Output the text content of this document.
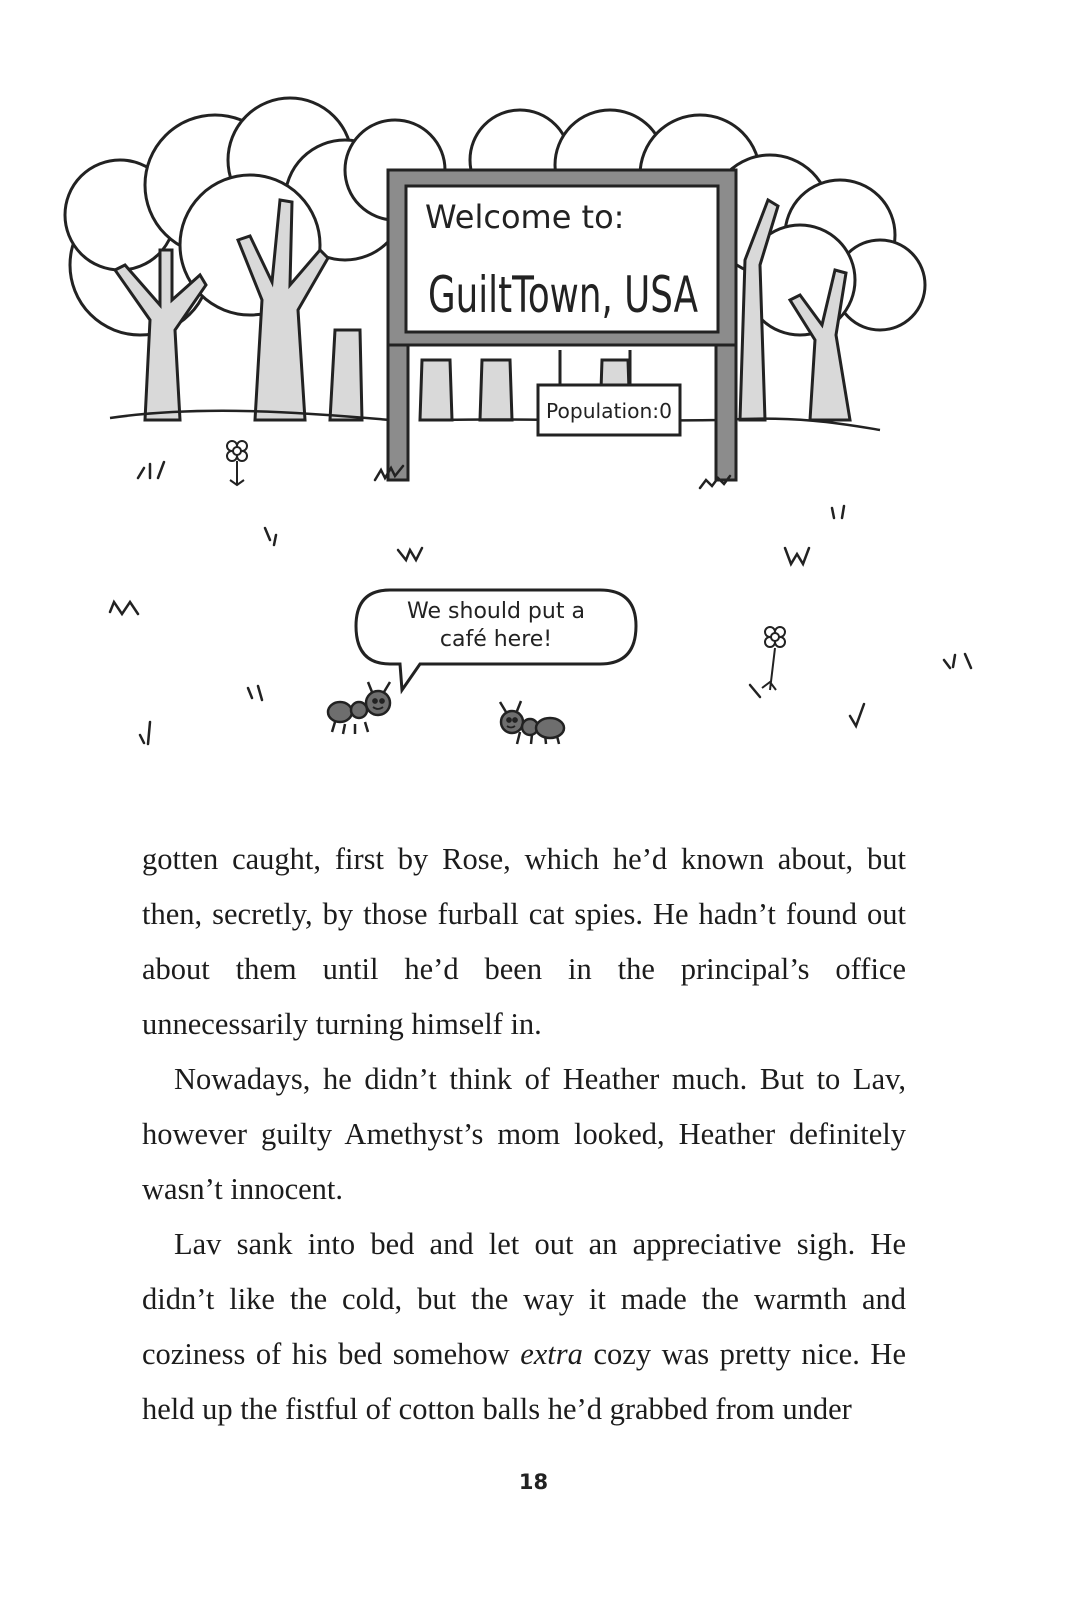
Welcome to:
GuiltTown, USA
Population:0
We should put a
café here!

gotten caught, first by Rose, which he’d known about, but then, secretly, by those furball cat spies. He hadn’t found out about them until he’d been in the principal’s office unnecessarily turning himself in.

Nowadays, he didn’t think of Heather much. But to Lav, however guilty Amethyst’s mom looked, Heather definitely wasn’t innocent.

Lav sank into bed and let out an appreciative sigh. He didn’t like the cold, but the way it made the warmth and coziness of his bed somehow extra cozy was pretty nice. He held up the fistful of cotton balls he’d grabbed from under

18
